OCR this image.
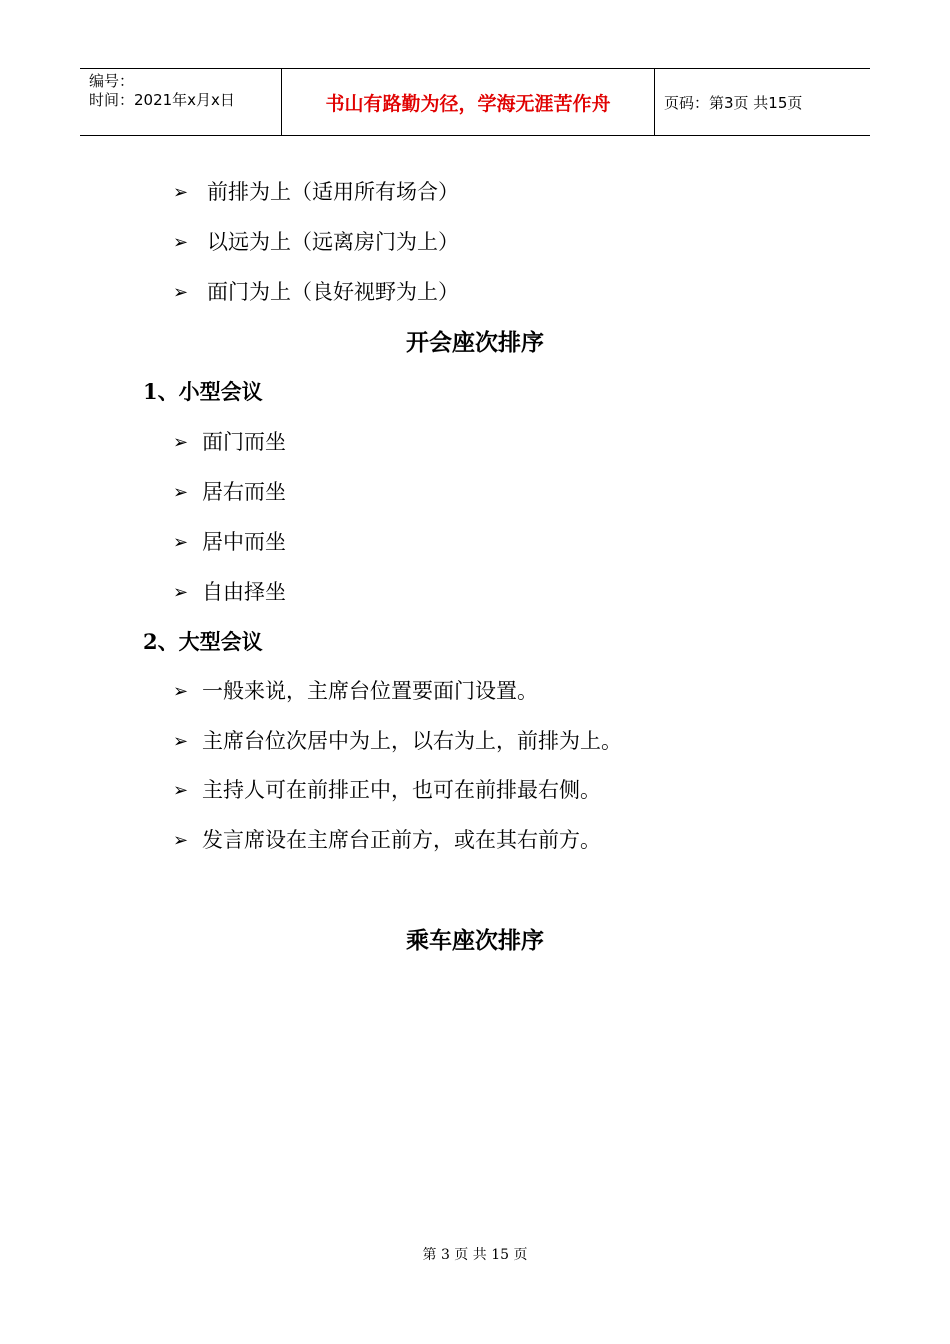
编号：
时间：2021年x月x日	书山有路勤为径，学海无涯苦作舟	页码：第3页 共15页
➢ 前排为上（适用所有场合）
➢ 以远为上（远离房门为上）
➢ 面门为上（良好视野为上）
开会座次排序
1、小型会议
➢ 面门而坐
➢ 居右而坐
➢ 居中而坐
➢ 自由择坐
2、大型会议
➢ 一般来说，主席台位置要面门设置。
➢ 主席台位次居中为上，以右为上，前排为上。
➢ 主持人可在前排正中，也可在前排最右侧。
➢ 发言席设在主席台正前方，或在其右前方。
乘车座次排序
第 3 页 共 15 页
